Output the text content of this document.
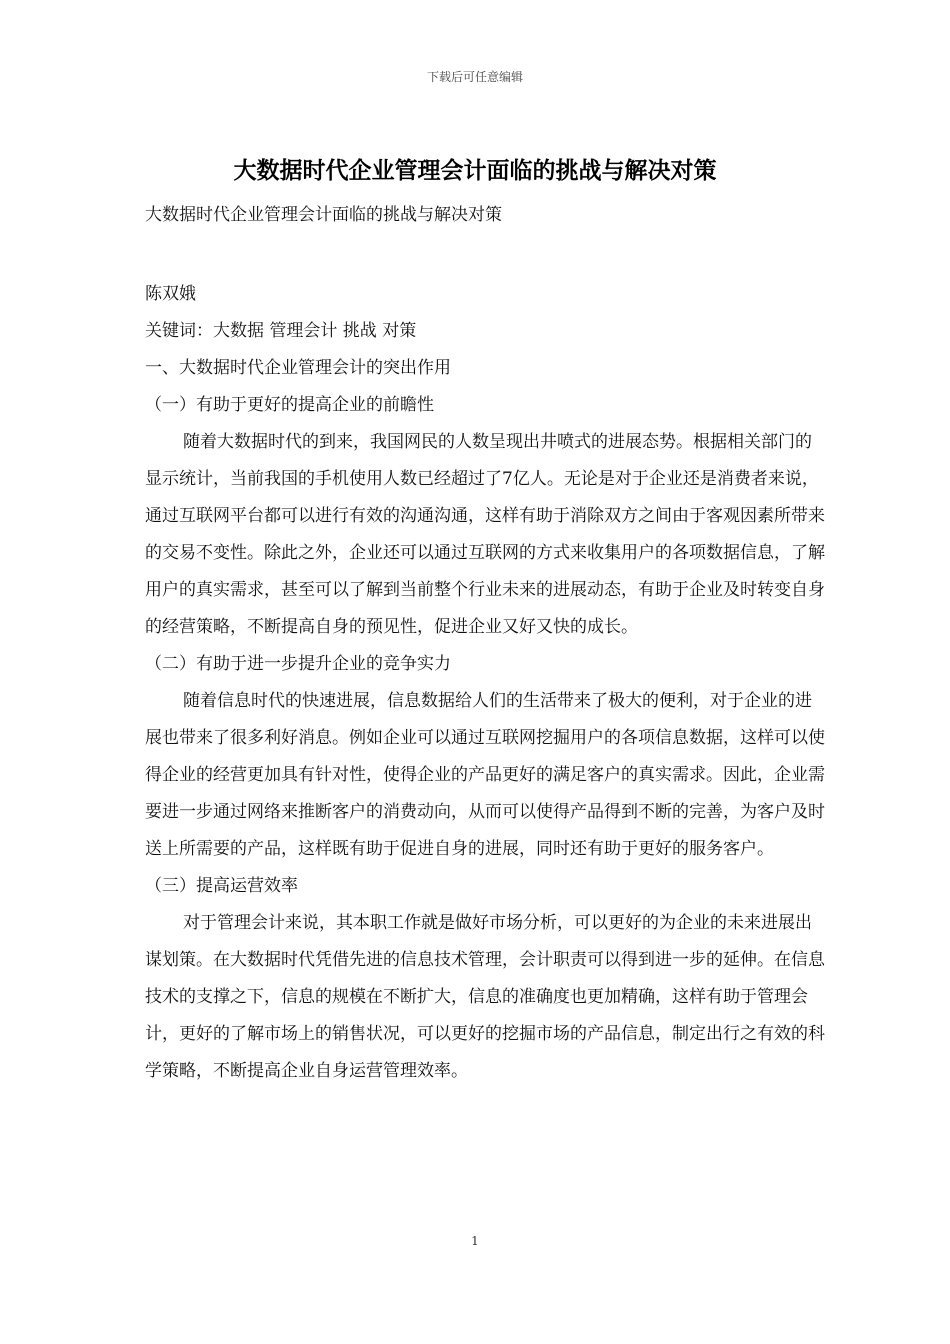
下载后可任意编辑
大数据时代企业管理会计面临的挑战与解决对策
大数据时代企业管理会计面临的挑战与解决对策

陈双娥

关键词：大数据 管理会计 挑战 对策

一、大数据时代企业管理会计的突出作用

（一）有助于更好的提高企业的前瞻性

随着大数据时代的到来，我国网民的人数呈现出井喷式的进展态势。根据相关部门的显示统计，当前我国的手机使用人数已经超过了7亿人。无论是对于企业还是消费者来说，通过互联网平台都可以进行有效的沟通沟通，这样有助于消除双方之间由于客观因素所带来的交易不变性。除此之外，企业还可以通过互联网的方式来收集用户的各项数据信息，了解用户的真实需求，甚至可以了解到当前整个行业未来的进展动态，有助于企业及时转变自身的经营策略，不断提高自身的预见性，促进企业又好又快的成长。

（二）有助于进一步提升企业的竞争实力

随着信息时代的快速进展，信息数据给人们的生活带来了极大的便利，对于企业的进展也带来了很多利好消息。例如企业可以通过互联网挖掘用户的各项信息数据，这样可以使得企业的经营更加具有针对性，使得企业的产品更好的满足客户的真实需求。因此，企业需要进一步通过网络来推断客户的消费动向，从而可以使得产品得到不断的完善，为客户及时送上所需要的产品，这样既有助于促进自身的进展，同时还有助于更好的服务客户。

（三）提高运营效率

对于管理会计来说，其本职工作就是做好市场分析，可以更好的为企业的未来进展出谋划策。在大数据时代凭借先进的信息技术管理，会计职责可以得到进一步的延伸。在信息技术的支撑之下，信息的规模在不断扩大，信息的准确度也更加精确，这样有助于管理会计，更好的了解市场上的销售状况，可以更好的挖掘市场的产品信息，制定出行之有效的科学策略，不断提高企业自身运营管理效率。

1
